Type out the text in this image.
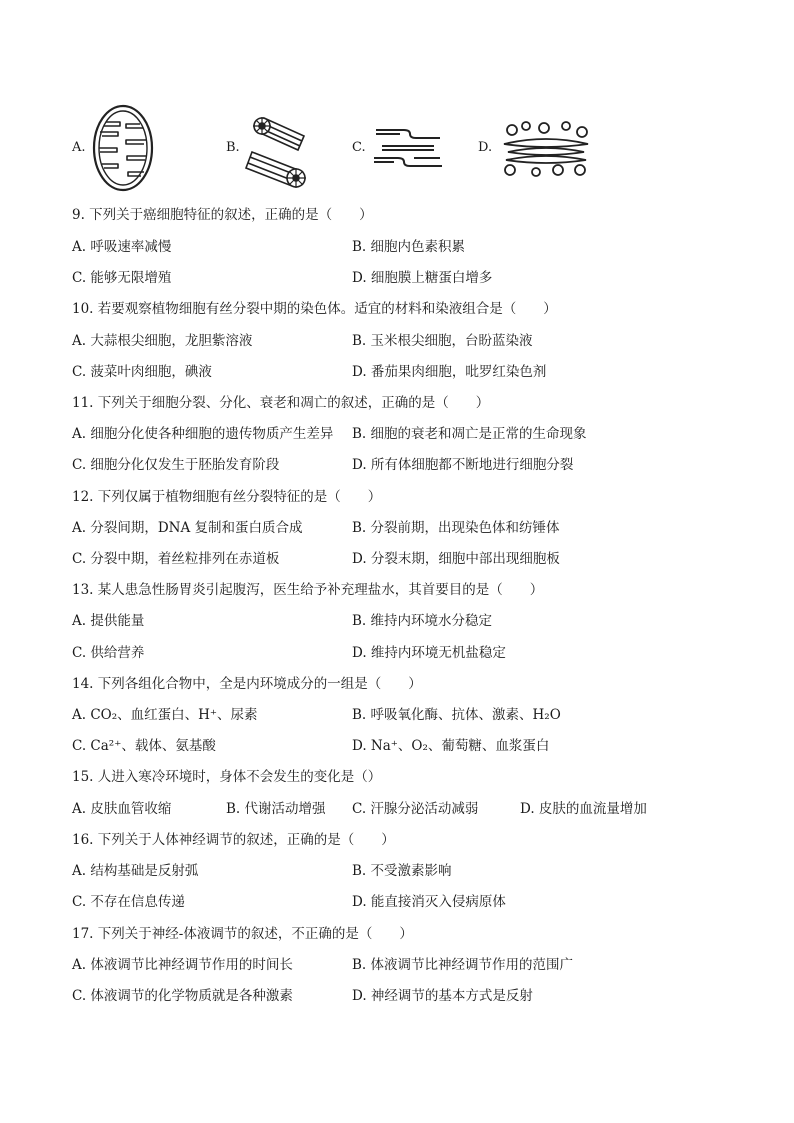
A.	B.	C.	D.
9. 下列关于癌细胞特征的叙述，正确的是（　　）
A. 呼吸速率减慢	B. 细胞内色素积累
C. 能够无限增殖	D. 细胞膜上糖蛋白增多
10. 若要观察植物细胞有丝分裂中期的染色体。适宜的材料和染液组合是（　　）
A. 大蒜根尖细胞，龙胆紫溶液	B. 玉米根尖细胞，台盼蓝染液
C. 菠菜叶肉细胞，碘液	D. 番茄果肉细胞，吡罗红染色剂
11. 下列关于细胞分裂、分化、衰老和凋亡的叙述，正确的是（　　）
A. 细胞分化使各种细胞的遗传物质产生差异 B. 细胞的衰老和凋亡是正常的生命现象
C. 细胞分化仅发生于胚胎发育阶段	D. 所有体细胞都不断地进行细胞分裂
12. 下列仅属于植物细胞有丝分裂特征的是（　　）
A. 分裂间期，DNA 复制和蛋白质合成	B. 分裂前期，出现染色体和纺锤体
C. 分裂中期，着丝粒排列在赤道板	D. 分裂末期，细胞中部出现细胞板
13. 某人患急性肠胃炎引起腹泻，医生给予补充理盐水，其首要目的是（　　）
A. 提供能量	B. 维持内环境水分稳定
C. 供给营养	D. 维持内环境无机盐稳定
14. 下列各组化合物中，全是内环境成分的一组是（　　）
A. CO₂、血红蛋白、H⁺、尿素	B. 呼吸氧化酶、抗体、激素、H₂O
C. Ca²⁺、载体、氨基酸	D. Na⁺、O₂、葡萄糖、血浆蛋白
15. 人进入寒冷环境时，身体不会发生的变化是（）
A. 皮肤血管收缩	B. 代谢活动增强 C. 汗腺分泌活动减弱	D. 皮肤的血流量增加
16. 下列关于人体神经调节的叙述，正确的是（　　）
A. 结构基础是反射弧	B. 不受激素影响
C. 不存在信息传递	D. 能直接消灭入侵病原体
17. 下列关于神经-体液调节的叙述，不正确的是（　　）
A. 体液调节比神经调节作用的时间长	B. 体液调节比神经调节作用的范围广
C. 体液调节的化学物质就是各种激素	D. 神经调节的基本方式是反射
